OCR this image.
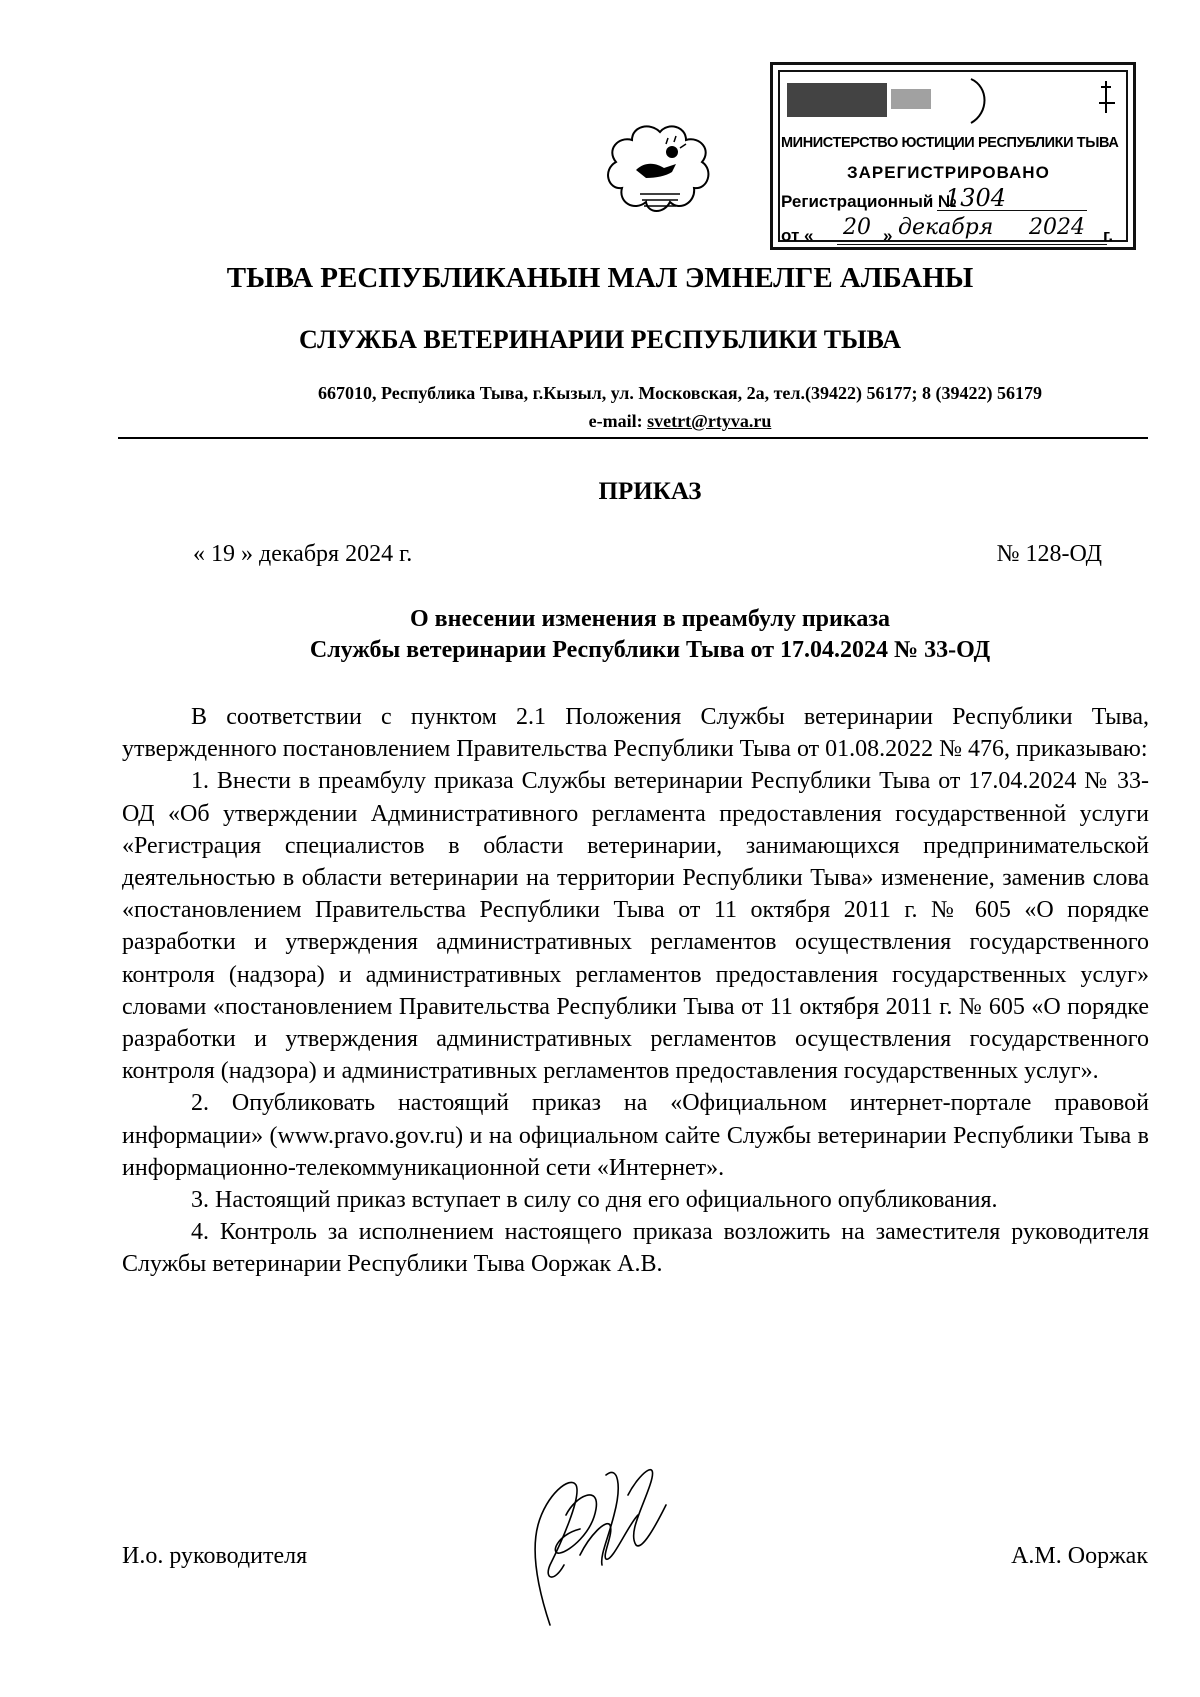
МИНИСТЕРСТВО ЮСТИЦИИ РЕСПУБЛИКИ ТЫВА
ЗАРЕГИСТРИРОВАНО
Регистрационный №
1304
от « 20 » декабря 2024 г.
ТЫВА РЕСПУБЛИКАНЫН МАЛ ЭМНЕЛГЕ АЛБАНЫ
СЛУЖБА ВЕТЕРИНАРИИ РЕСПУБЛИКИ ТЫВА
667010, Республика Тыва, г.Кызыл, ул. Московская, 2а, тел.(39422) 56177; 8 (39422) 56179
e-mail: svetrt@rtyva.ru
ПРИКАЗ
« 19 » декабря 2024 г.	№ 128-ОД
О внесении изменения в преамбулу приказа
Службы ветеринарии Республики Тыва от 17.04.2024 № 33-ОД

В соответствии с пунктом 2.1 Положения Службы ветеринарии Республики Тыва, утвержденного постановлением Правительства Республики Тыва от 01.08.2022 № 476, приказываю:

1. Внести в преамбулу приказа Службы ветеринарии Республики Тыва от 17.04.2024 № 33-ОД «Об утверждении Административного регламента предоставления государственной услуги «Регистрация специалистов в области ветеринарии, занимающихся предпринимательской деятельностью в области ветеринарии на территории Республики Тыва» изменение, заменив слова «постановлением Правительства Республики Тыва от 11 октября 2011 г. № 605 «О порядке разработки и утверждения административных регламентов осуществления государственного контроля (надзора) и административных регламентов предоставления государственных услуг» словами «постановлением Правительства Республики Тыва от 11 октября 2011 г. № 605 «О порядке разработки и утверждения административных регламентов осуществления государственного контроля (надзора) и административных регламентов предоставления государственных услуг».

2. Опубликовать настоящий приказ на «Официальном интернет-портале правовой информации» (www.pravo.gov.ru) и на официальном сайте Службы ветеринарии Республики Тыва в информационно-телекоммуникационной сети «Интернет».

3. Настоящий приказ вступает в силу со дня его официального опубликования.

4. Контроль за исполнением настоящего приказа возложить на заместителя руководителя Службы ветеринарии Республики Тыва Ооржак А.В.

И.о. руководителя	А.М. Ооржак
